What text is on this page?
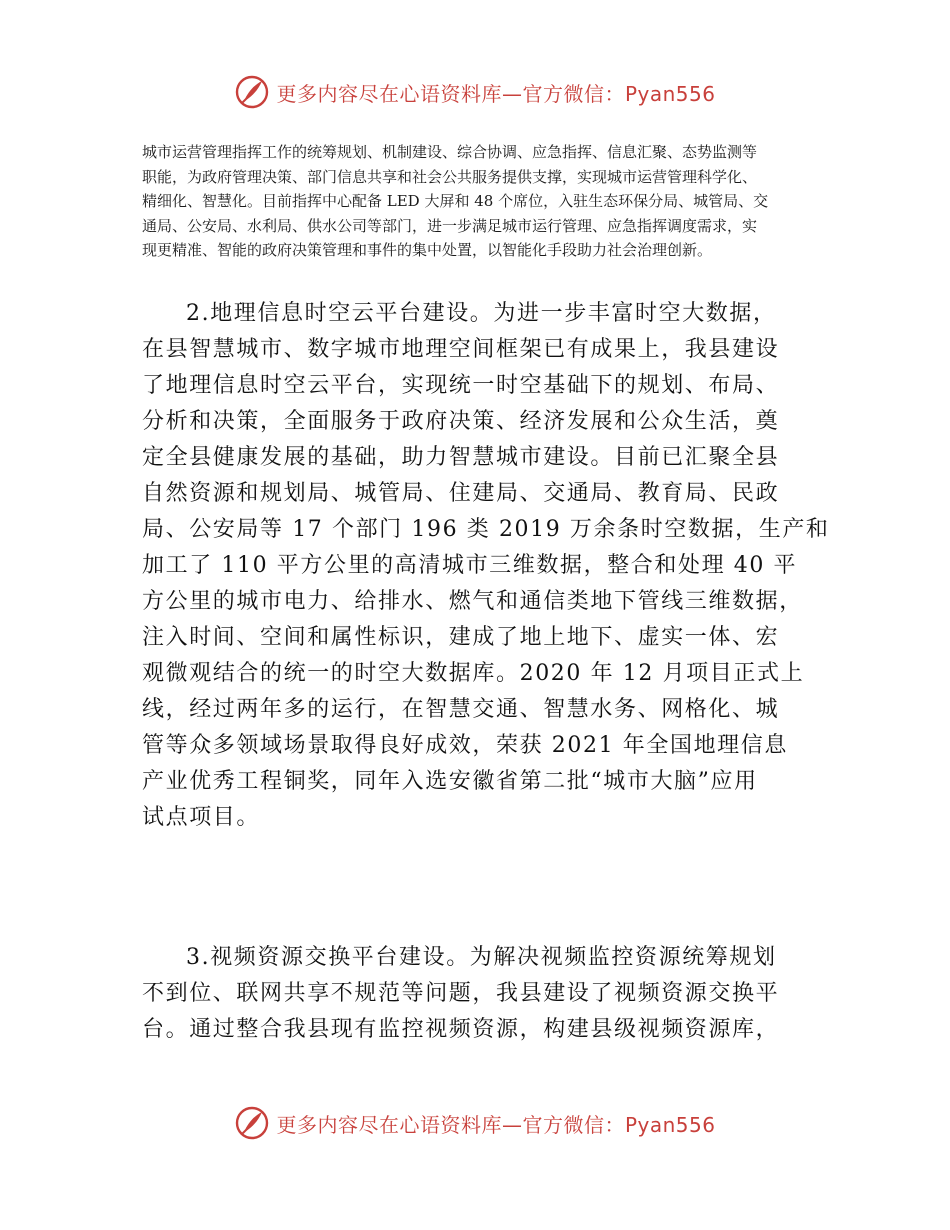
更多内容尽在心语资料库—官方微信：Pyan556
城市运营管理指挥工作的统筹规划、机制建设、综合协调、应急指挥、信息汇聚、态势监测等
职能，为政府管理决策、部门信息共享和社会公共服务提供支撑，实现城市运营管理科学化、
精细化、智慧化。目前指挥中心配备 LED 大屏和 48 个席位，入驻生态环保分局、城管局、交
通局、公安局、水利局、供水公司等部门，进一步满足城市运行管理、应急指挥调度需求，实
现更精准、智能的政府决策管理和事件的集中处置，以智能化手段助力社会治理创新。
2.地理信息时空云平台建设。为进一步丰富时空大数据，
在县智慧城市、数字城市地理空间框架已有成果上，我县建设
了地理信息时空云平台，实现统一时空基础下的规划、布局、
分析和决策，全面服务于政府决策、经济发展和公众生活，奠
定全县健康发展的基础，助力智慧城市建设。目前已汇聚全县
自然资源和规划局、城管局、住建局、交通局、教育局、民政
局、公安局等 17 个部门 196 类 2019 万余条时空数据，生产和
加工了 110 平方公里的高清城市三维数据，整合和处理 40 平
方公里的城市电力、给排水、燃气和通信类地下管线三维数据，
注入时间、空间和属性标识，建成了地上地下、虚实一体、宏
观微观结合的统一的时空大数据库。2020 年 12 月项目正式上
线，经过两年多的运行，在智慧交通、智慧水务、网格化、城
管等众多领域场景取得良好成效，荣获 2021 年全国地理信息
产业优秀工程铜奖，同年入选安徽省第二批“城市大脑”应用
试点项目。
3.视频资源交换平台建设。为解决视频监控资源统筹规划
不到位、联网共享不规范等问题，我县建设了视频资源交换平
台。通过整合我县现有监控视频资源，构建县级视频资源库，
更多内容尽在心语资料库—官方微信：Pyan556
